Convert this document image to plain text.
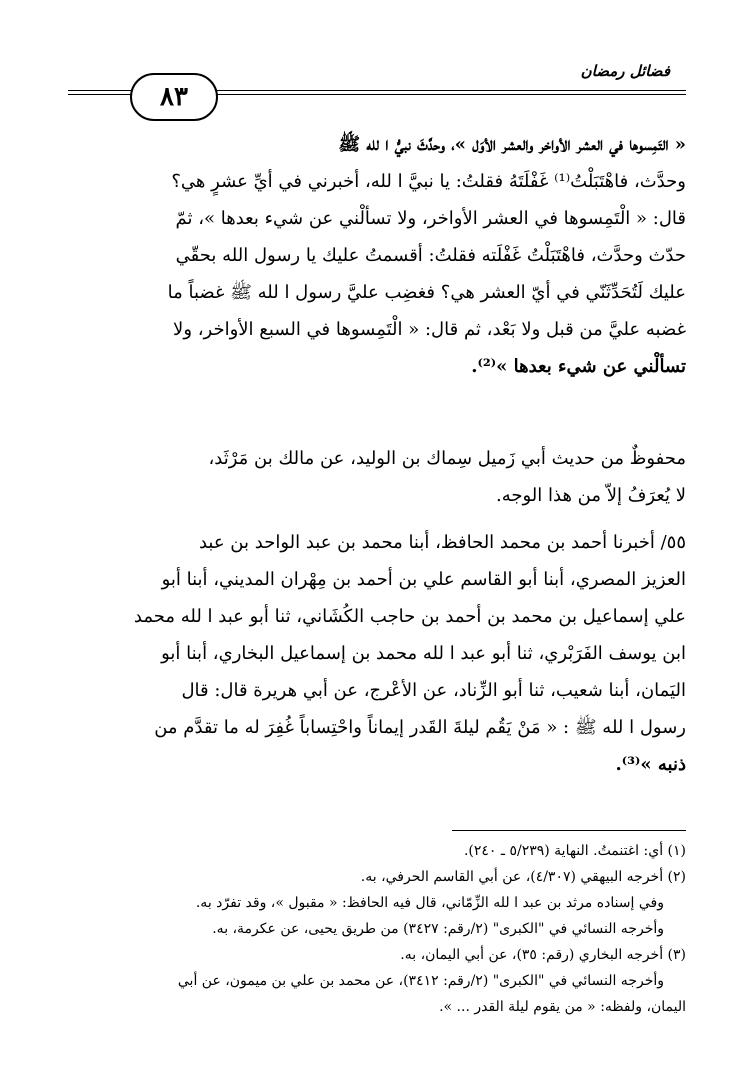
فضائل رمضان
٨٣
« التَمِسوها في العشر الأواخر والعشر الأوَل »، وحدَّثَ نبيُّ ا لله ﷺ
وحدَّث، فاهْتَبَلْتُ⁽¹⁾ غَفْلَتَهُ فقلتُ: يا نبيَّ ا لله، أخبرني في أيِّ عشرٍ هي؟
قال: « الْتَمِسوها في العشر الأواخر، ولا تسألْني عن شيء بعدها »، ثمّ
حدّث وحدَّث، فاهْتَبَلْتُ غَفْلَته فقلتُ: أقسمتُ عليك يا رسول الله بحقّي
عليك لَتُحَدِّثَنّي في أيّ العشر هي؟ فغضِب عليَّ رسول ا لله ﷺ غضباً ما
غضبه عليَّ من قبل ولا بَعْد، ثم قال: « الْتَمِسوها في السبع الأواخر، ولا
تسألْني عن شيء بعدها »⁽²⁾.
محفوظٌ من حديث أبي زَميل سِماك بن الوليد، عن مالك بن مَرْثَد،
لا يُعرَفُ إلاّ من هذا الوجه.
٥٥/ أخبرنا أحمد بن محمد الحافظ، أبنا محمد بن عبد الواحد بن عبد
العزيز المصري، أبنا أبو القاسم علي بن أحمد بن مِهْران المديني، أبنا أبو
علي إسماعيل بن محمد بن أحمد بن حاجب الكُشَاني، ثنا أبو عبد ا لله محمد
ابن يوسف الفَرَبْري، ثنا أبو عبد ا لله محمد بن إسماعيل البخاري، أبنا أبو
اليَمان، أبنا شعيب، ثنا أبو الزِّناد، عن الأعْرج، عن أبي هريرة قال: قال
رسول ا لله ﷺ : « مَنْ يَقُم ليلةَ القَدر إيماناً واحْتِساباً غُفِرَ له ما تقدَّم من
ذنبه »⁽³⁾.
(١) أي: اغتنمتُ. النهاية (٥/٢٣٩ ـ ٢٤٠).
(٢) أخرجه البيهقي (٤/٣٠٧)، عن أبي القاسم الحرفي، به.
وفي إسناده مرثد بن عبد ا لله الزِّمّاني، قال فيه الحافظ: « مقبول »، وقد تفرّد به.
وأخرجه النسائي في "الكبرى" (٢/رقم: ٣٤٢٧) من طريق يحيى، عن عكرمة، به.
(٣) أخرجه البخاري (رقم: ٣٥)، عن أبي اليمان، به.
وأخرجه النسائي في "الكبرى" (٢/رقم: ٣٤١٢)، عن محمد بن علي بن ميمون، عن أبي
اليمان، ولفظه: « من يقوم ليلة القدر ... ».
